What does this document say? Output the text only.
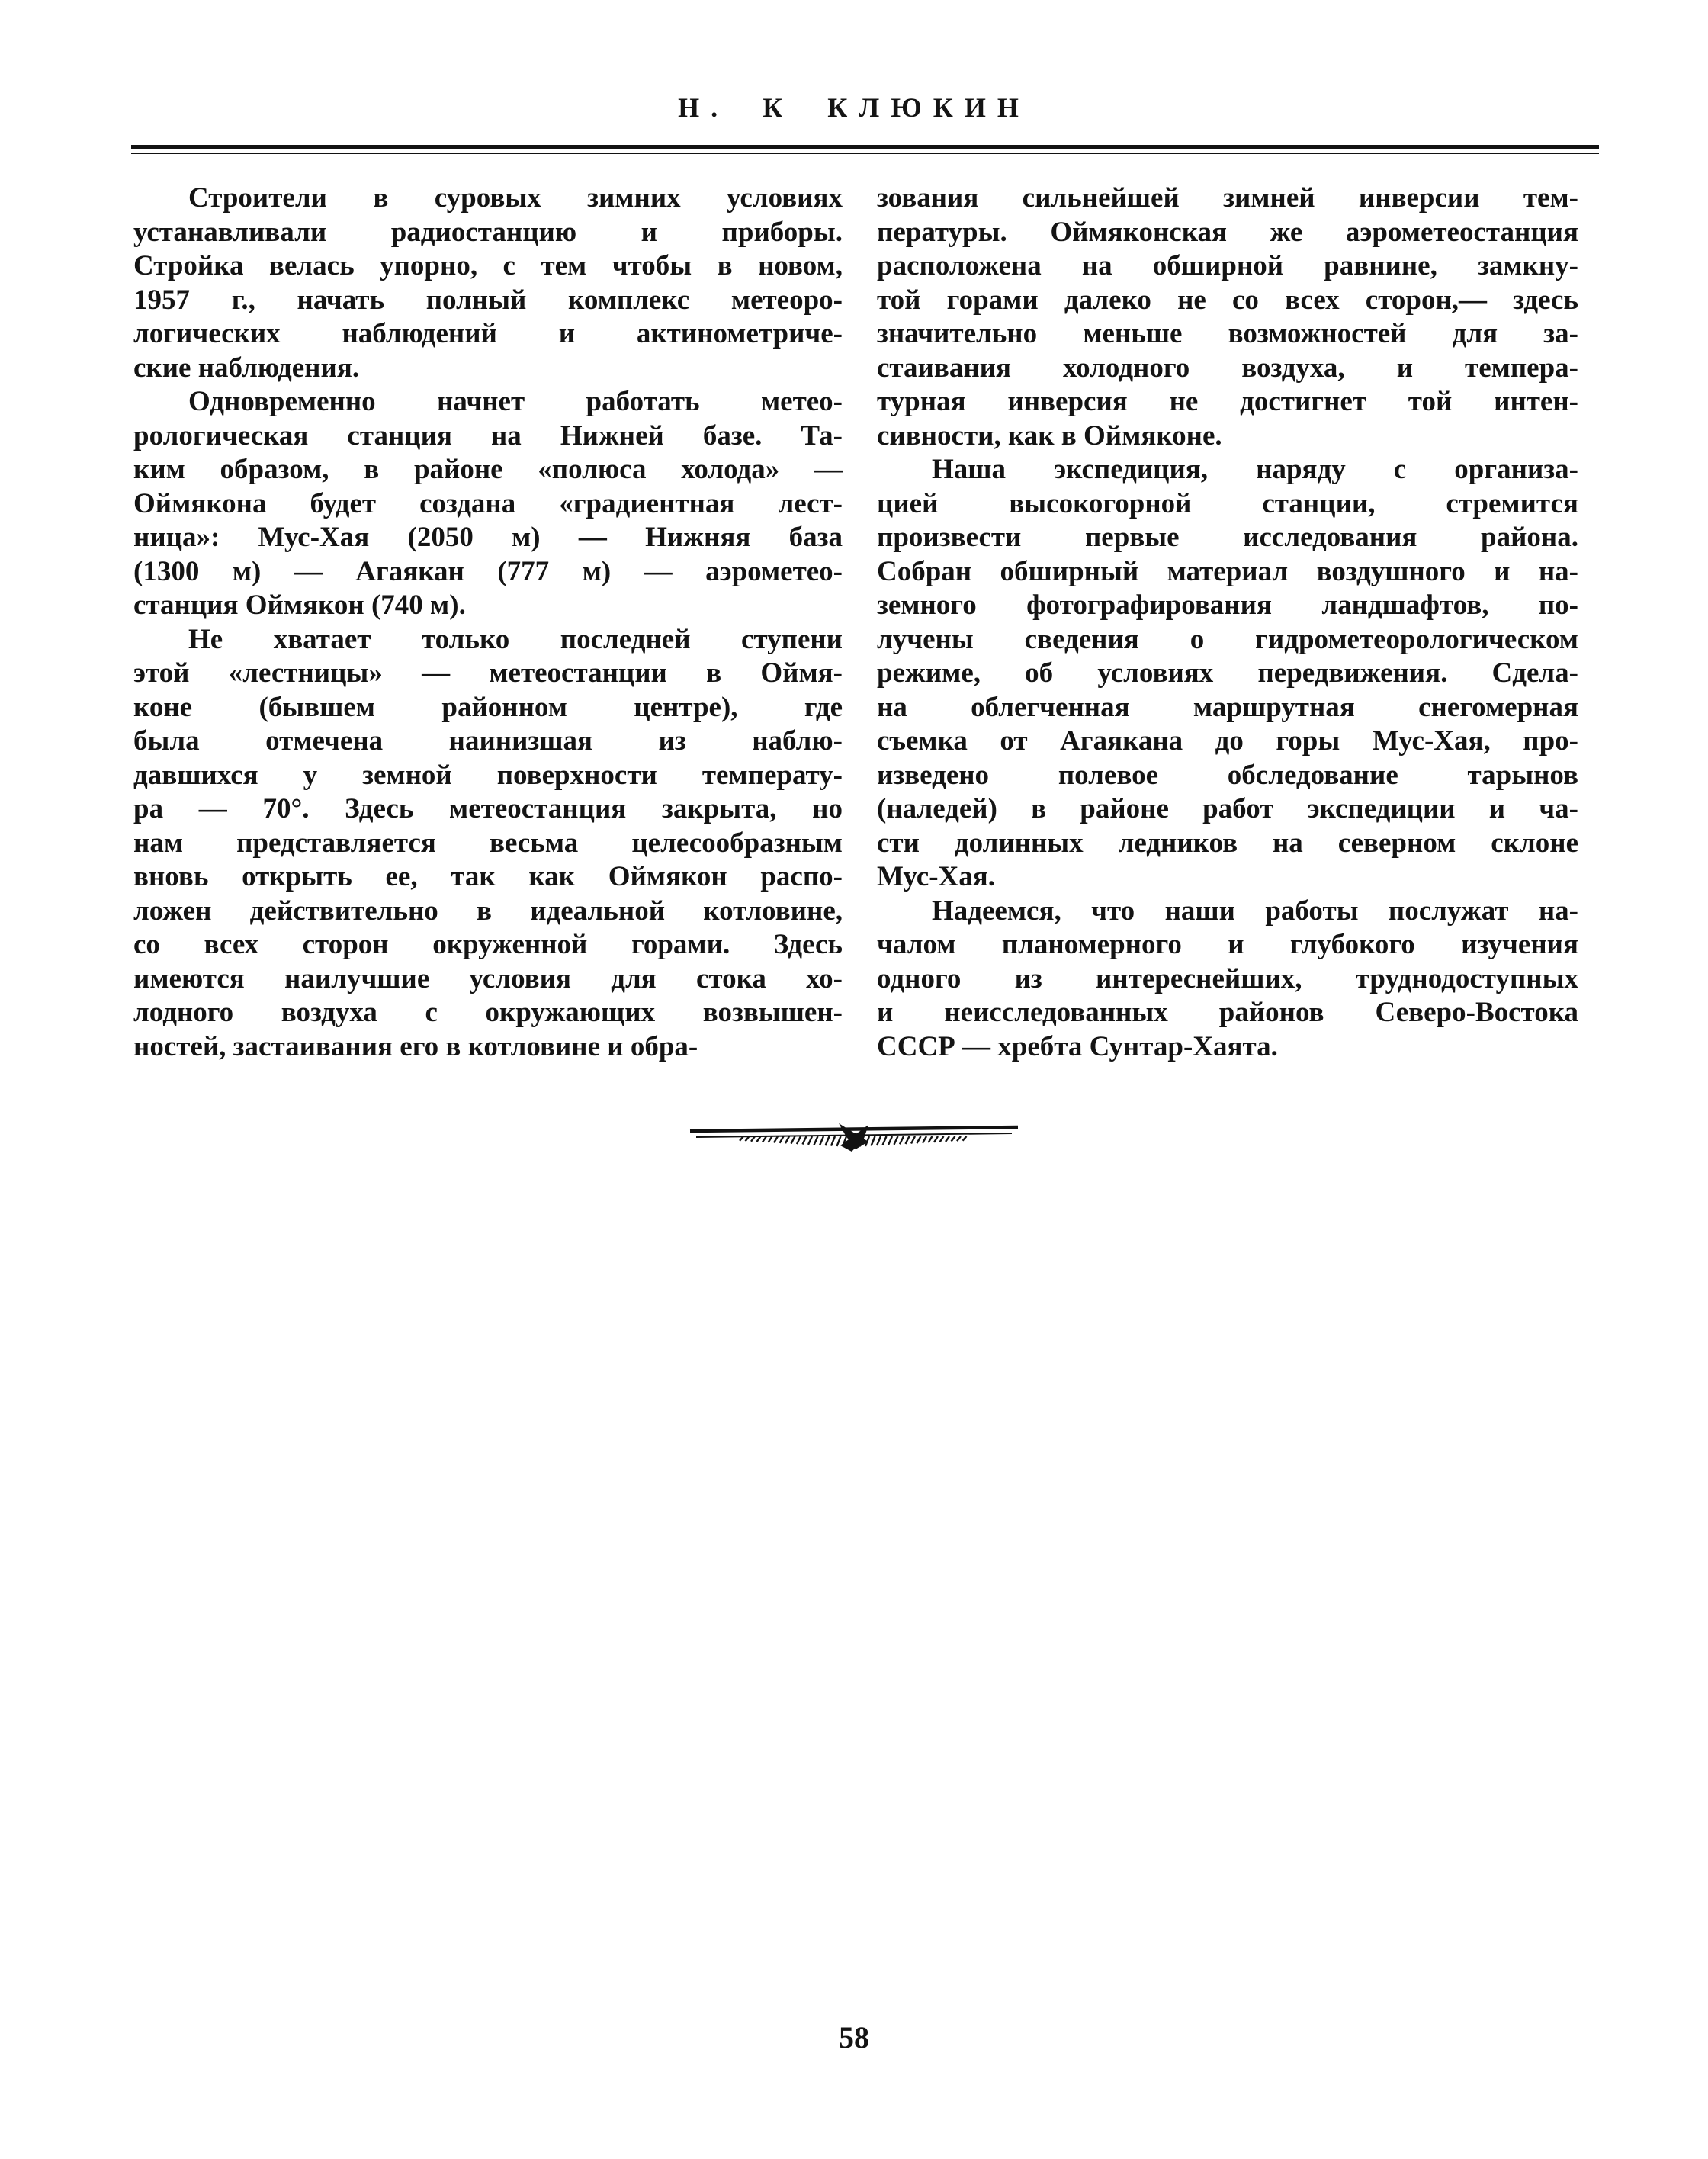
Н. К КЛЮКИН
Строители в суровых зимних условиях
устанавливали радиостанцию и приборы.
Стройка велась упорно, с тем чтобы в новом,
1957 г., начать полный комплекс метеоро-
логических наблюдений и актинометриче-
ские наблюдения.
Одновременно начнет работать метео-
рологическая станция на Нижней базе. Та-
ким образом, в районе «полюса холода» —
Оймякона будет создана «градиентная лест-
ница»: Мус-Хая (2050 м) — Нижняя база
(1300 м) — Агаякан (777 м) — аэрометео-
станция Оймякон (740 м).
Не хватает только последней ступени
этой «лестницы» — метеостанции в Оймя-
коне (бывшем районном центре), где
была отмечена наинизшая из наблю-
давшихся у земной поверхности температу-
ра — 70°. Здесь метеостанция закрыта, но
нам представляется весьма целесообразным
вновь открыть ее, так как Оймякон распо-
ложен действительно в идеальной котловине,
со всех сторон окруженной горами. Здесь
имеются наилучшие условия для стока хо-
лодного воздуха с окружающих возвышен-
ностей, застаивания его в котловине и обра-
зования сильнейшей зимней инверсии тем-
пературы. Оймяконская же аэрометеостанция
расположена на обширной равнине, замкну-
той горами далеко не со всех сторон,— здесь
значительно меньше возможностей для за-
стаивания холодного воздуха, и темпера-
турная инверсия не достигнет той интен-
сивности, как в Оймяконе.
Наша экспедиция, наряду с организа-
цией высокогорной станции, стремится
произвести первые исследования района.
Собран обширный материал воздушного и на-
земного фотографирования ландшафтов, по-
лучены сведения о гидрометеорологическом
режиме, об условиях передвижения. Сдела-
на облегченная маршрутная снегомерная
съемка от Агаякана до горы Мус-Хая, про-
изведено полевое обследование тарынов
(наледей) в районе работ экспедиции и ча-
сти долинных ледников на северном склоне
Мус-Хая.
Надеемся, что наши работы послужат на-
чалом планомерного и глубокого изучения
одного из интереснейших, труднодоступных
и неисследованных районов Северо-Востока
СССР — хребта Сунтар-Хаята.
58
